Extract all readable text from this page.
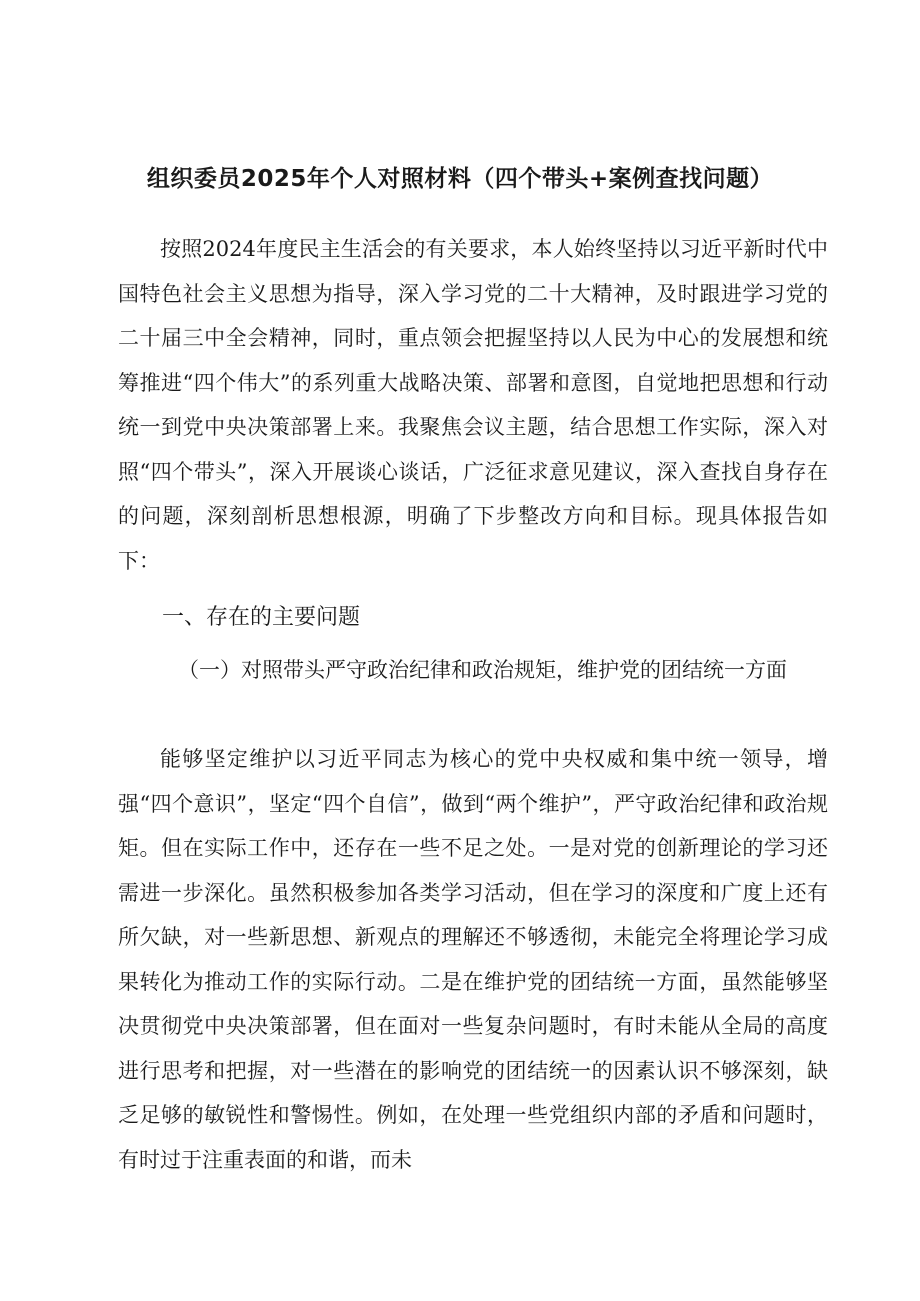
组织委员2025年个人对照材料（四个带头+案例查找问题）

按照2024年度民主生活会的有关要求，本人始终坚持以习近平新时代中国特色社会主义思想为指导，深入学习党的二十大精神，及时跟进学习党的二十届三中全会精神，同时，重点领会把握坚持以人民为中心的发展想和统筹推进“四个伟大”的系列重大战略决策、部署和意图，自觉地把思想和行动统一到党中央决策部署上来。我聚焦会议主题，结合思想工作实际，深入对照“四个带头”，深入开展谈心谈话，广泛征求意见建议，深入查找自身存在的问题，深刻剖析思想根源，明确了下步整改方向和目标。现具体报告如下：

一、存在的主要问题

（一）对照带头严守政治纪律和政治规矩，维护党的团结统一方面

能够坚定维护以习近平同志为核心的党中央权威和集中统一领导，增强“四个意识”，坚定“四个自信”，做到“两个维护”，严守政治纪律和政治规矩。但在实际工作中，还存在一些不足之处。一是对党的创新理论的学习还需进一步深化。虽然积极参加各类学习活动，但在学习的深度和广度上还有所欠缺，对一些新思想、新观点的理解还不够透彻，未能完全将理论学习成果转化为推动工作的实际行动。二是在维护党的团结统一方面，虽然能够坚决贯彻党中央决策部署，但在面对一些复杂问题时，有时未能从全局的高度进行思考和把握，对一些潜在的影响党的团结统一的因素认识不够深刻，缺乏足够的敏锐性和警惕性。例如，在处理一些党组织内部的矛盾和问题时，有时过于注重表面的和谐，而未
